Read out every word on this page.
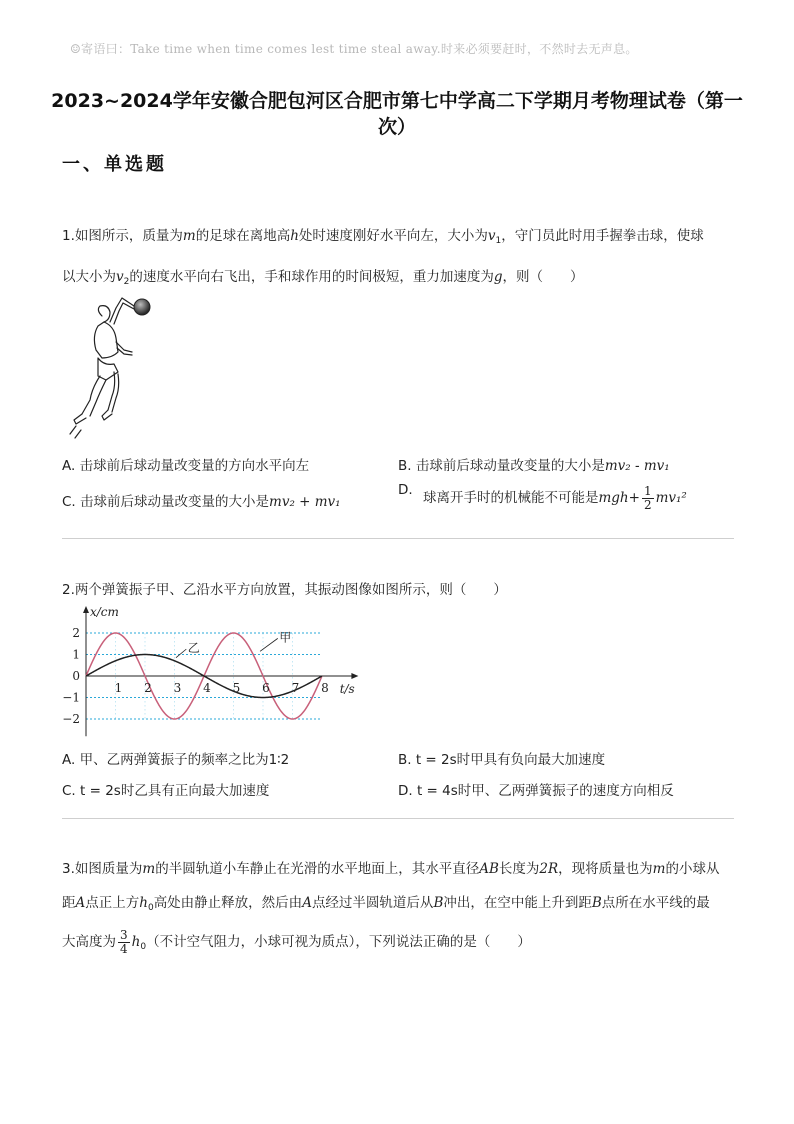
☺寄语曰：Take time when time comes lest time steal away.时来必须要赶时，不然时去无声息。
2023~2024学年安徽合肥包河区合肥市第七中学高二下学期月考物理试卷（第一次）
一、单选题
1.如图所示，质量为m的足球在离地高h处时速度刚好水平向左，大小为$v_1$，守门员此时用手握拳击球，使球
以大小为$v_2$的速度水平向右飞出，手和球作用的时间极短，重力加速度为g，则（　　）
A. 击球前后球动量改变量的方向水平向左	B. 击球前后球动量改变量的大小是mv₂ - mv₁
C. 击球前后球动量改变量的大小是mv₂ + mv₁
D. 球离开手时的机械能不可能是$mgh+ \frac{1}{2} mv_1^2$
2.两个弹簧振子甲、乙沿水平方向放置，其振动图像如图所示，则（　　）
x/cm
t/s
2
1
0
−1
−2
1 2 3 4 5 6 7 8
甲
乙
A. 甲、乙两弹簧振子的频率之比为1∶2	B. t = 2s时甲具有负向最大加速度
C. t = 2s时乙具有正向最大加速度	D. t = 4s时甲、乙两弹簧振子的速度方向相反
3.如图质量为m的半圆轨道小车静止在光滑的水平地面上，其水平直径AB长度为2R，现将质量也为m的小球从
距A点正上方$h_0$高处由静止释放，然后由A点经过半圆轨道后从B冲出，在空中能上升到距B点所在水平线的最
大高度为 $\frac{3}{4} h_0$（不计空气阻力，小球可视为质点），下列说法正确的是（　　）
